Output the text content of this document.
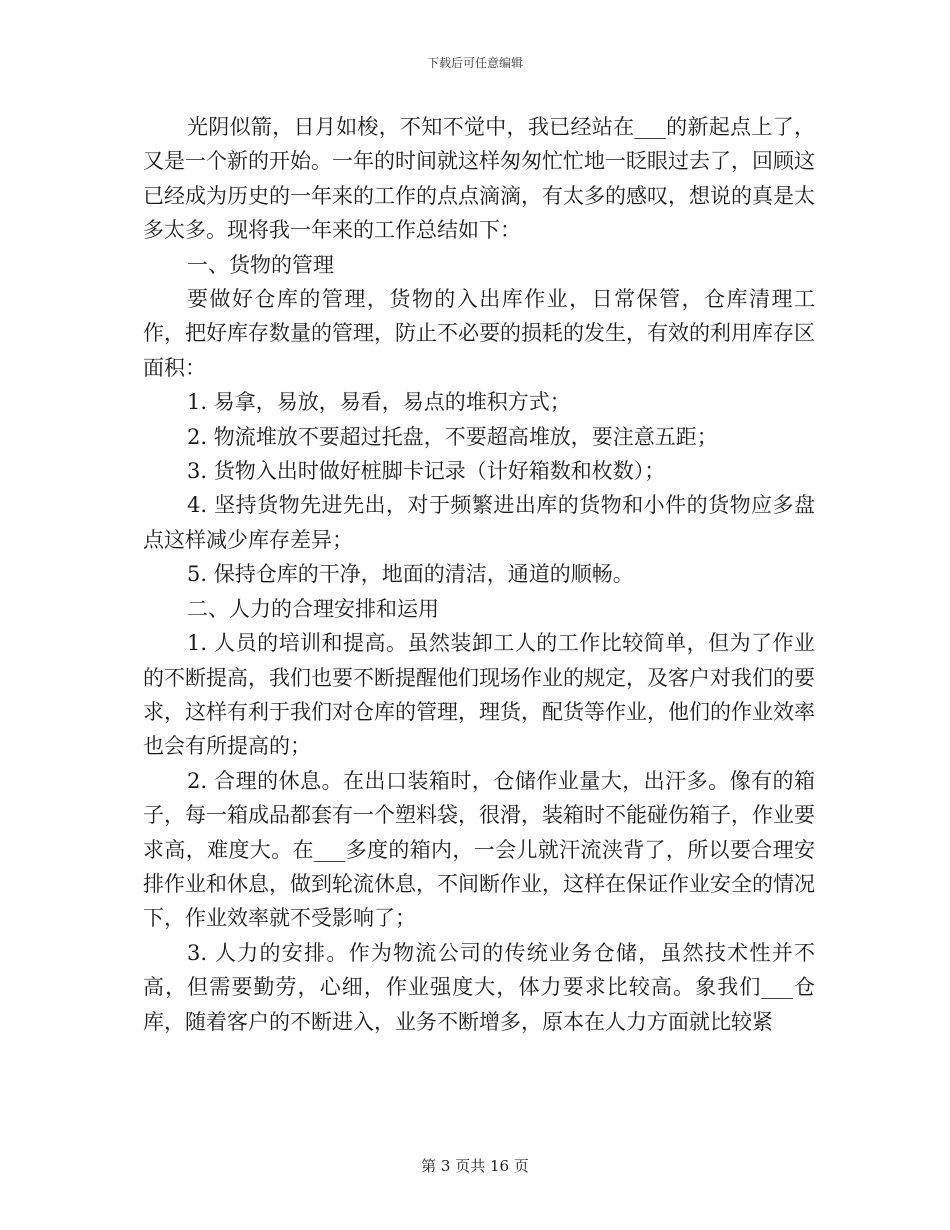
下载后可任意编辑

光阴似箭，日月如梭，不知不觉中，我已经站在___的新起点上了，又是一个新的开始。一年的时间就这样匆匆忙忙地一眨眼过去了，回顾这已经成为历史的一年来的工作的点点滴滴，有太多的感叹，想说的真是太多太多。现将我一年来的工作总结如下：

一、货物的管理

要做好仓库的管理，货物的入出库作业，日常保管，仓库清理工作，把好库存数量的管理，防止不必要的损耗的发生，有效的利用库存区面积：

1. 易拿，易放，易看，易点的堆积方式；

2. 物流堆放不要超过托盘，不要超高堆放，要注意五距；

3. 货物入出时做好桩脚卡记录（计好箱数和枚数）；

4. 坚持货物先进先出，对于频繁进出库的货物和小件的货物应多盘点这样减少库存差异；

5. 保持仓库的干净，地面的清洁，通道的顺畅。

二、人力的合理安排和运用

1. 人员的培训和提高。虽然装卸工人的工作比较简单，但为了作业的不断提高，我们也要不断提醒他们现场作业的规定，及客户对我们的要求，这样有利于我们对仓库的管理，理货，配货等作业，他们的作业效率也会有所提高的；

2. 合理的休息。在出口装箱时，仓储作业量大，出汗多。像有的箱子，每一箱成品都套有一个塑料袋，很滑，装箱时不能碰伤箱子，作业要求高，难度大。在___多度的箱内，一会儿就汗流浃背了，所以要合理安排作业和休息，做到轮流休息，不间断作业，这样在保证作业安全的情况下，作业效率就不受影响了；

3. 人力的安排。作为物流公司的传统业务仓储，虽然技术性并不高，但需要勤劳，心细，作业强度大，体力要求比较高。象我们___仓库，随着客户的不断进入，业务不断增多，原本在人力方面就比较紧

第 3 页共 16 页
